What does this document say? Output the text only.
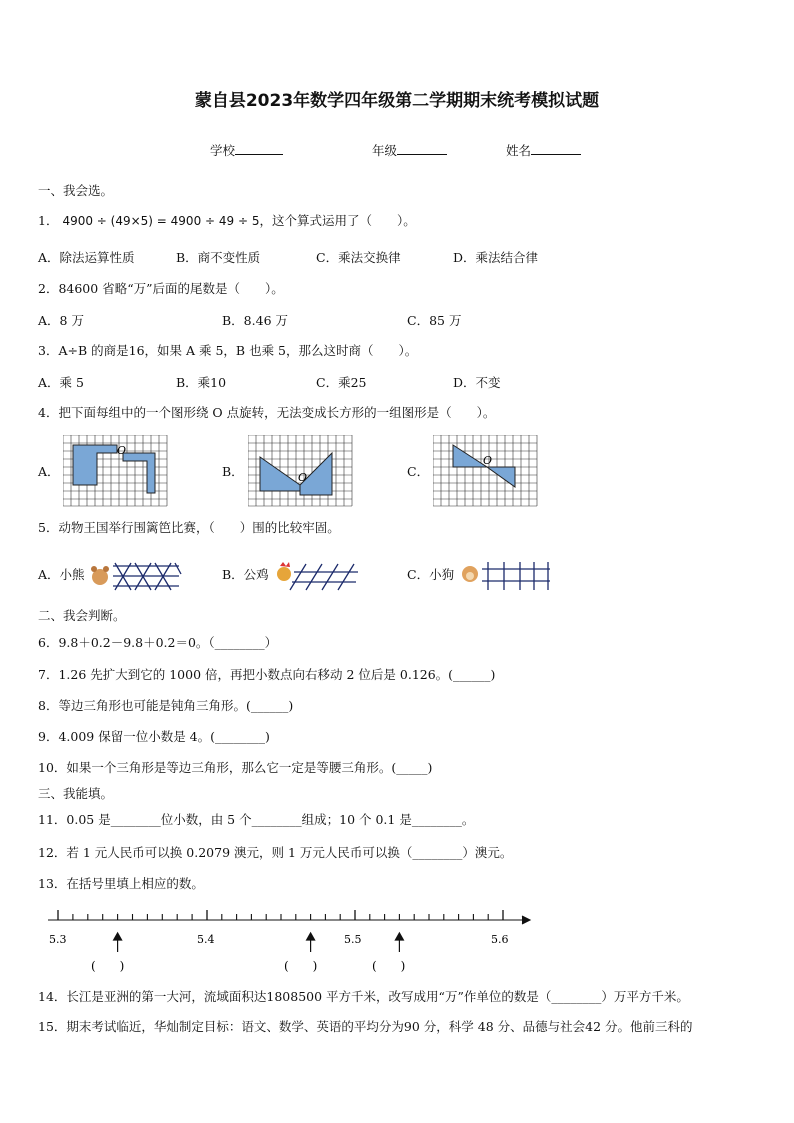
蒙自县2023年数学四年级第二学期期末统考模拟试题
学校	年级	姓名
一、我会选。
1． 4900 ÷ (49×5) = 4900 ÷ 49 ÷ 5，这个算式运用了（　　）。
A．除法运算性质	B．商不变性质	C．乘法交换律	D．乘法结合律
2．84600 省略“万”后面的尾数是（　　）。
A．8 万	B．8.46 万	C．85 万
3．A÷B 的商是16，如果 A 乘 5，B 也乘 5，那么这时商（　　）。
A．乘 5	B．乘10	C．乘25	D．不变
4．把下面每组中的一个图形绕 O 点旋转，无法变成长方形的一组图形是（　　）。
A．	B．	C．
O
O
O
5．动物王国举行围篱笆比赛，（　　）围的比较牢固。
A．小熊	B．公鸡	C．小狗
二、我会判断。
6．9.8＋0.2－9.8＋0.2＝0。（________）
7．1.26 先扩大到它的 1000 倍，再把小数点向右移动 2 位后是 0.126。(______)
8．等边三角形也可能是钝角三角形。(______)
9．4.009 保留一位小数是 4。(________)
10．如果一个三角形是等边三角形，那么它一定是等腰三角形。(_____)
三、我能填。
11．0.05 是________位小数，由 5 个________组成；10 个 0.1 是________。
12．若 1 元人民币可以换 0.2079 澳元，则 1 万元人民币可以换（________）澳元。
13．在括号里填上相应的数。
5.3	5.4	5.5	5.6
(　　)	(　　)	(　　)
14．长江是亚洲的第一大河，流域面积达1808500 平方千米，改写成用“万”作单位的数是（________）万平方千米。
15．期末考试临近，华灿制定目标：语文、数学、英语的平均分为90 分，科学 48 分、品德与社会42 分。他前三科的
